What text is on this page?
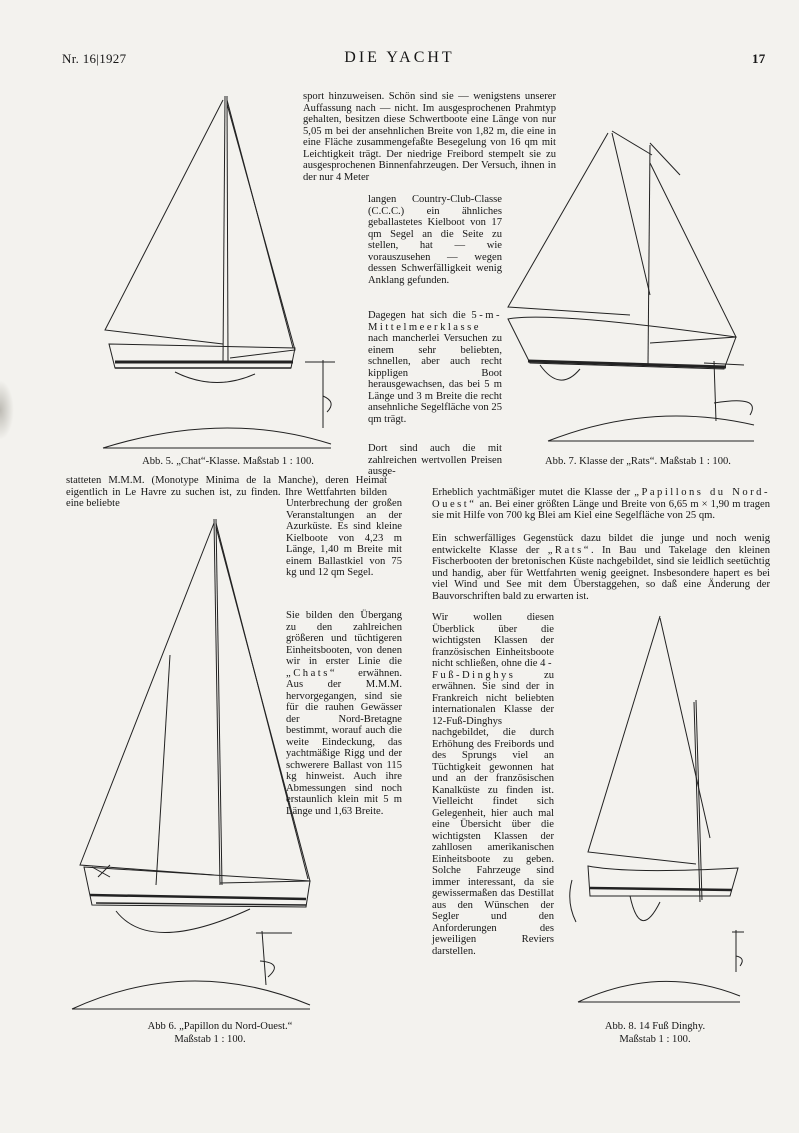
Nr. 16|1927	DIE YACHT	17
Abb. 5. „Chat“-Klasse. Maßstab 1 : 100.	Abb. 7. Klasse der „Rats“. Maßstab 1 : 100.
Abb 6. „Papillon du Nord-Ouest.“
Maßstab 1 : 100.
Abb. 8. 14 Fuß Dinghy.
Maßstab 1 : 100.

sport hinzuweisen. Schön sind sie — wenigstens unserer Auffassung nach — nicht. Im ausgesprochenen Prahmtyp gehalten, besitzen diese Schwertboote eine Länge von nur 5,05 m bei der ansehnlichen Breite von 1,82 m, die eine in eine Fläche zusammengefaßte Besegelung von 16 qm mit Leichtigkeit trägt. Der niedrige Freibord stempelt sie zu ausgesprochenen Binnenfahrzeugen. Der Versuch, ihnen in der nur 4 Meter

langen Country-Club-Classe (C.C.C.) ein ähnliches geballastetes Kielboot von 17 qm Segel an die Seite zu stellen, hat — wie vorauszusehen — wegen dessen Schwerfälligkeit wenig Anklang gefunden.

Dagegen hat sich die 5-m-Mittelmeerklasse nach mancherlei Versuchen zu einem sehr beliebten, schnellen, aber auch recht kippligen Boot herausgewachsen, das bei 5 m Länge und 3 m Breite die recht ansehnliche Segelfläche von 25 qm trägt.

Dort sind auch die mit zahlreichen wertvollen Preisen ausge-

statteten M.M.M. (Monotype Minima de la Manche), deren Heimat eigentlich in Le Havre zu suchen ist, zu finden. Ihre Wettfahrten bilden eine beliebte	Unterbrechung der großen Veranstaltungen an der Azurküste. Es sind kleine Kielboote von 4,23 m Länge, 1,40 m Breite mit einem Ballastkiel von 75 kg und 12 qm Segel.

Sie bilden den Übergang zu den zahlreichen größeren und tüchtigeren Einheitsbooten, von denen wir in erster Linie die „Chats“ erwähnen. Aus der M.M.M. hervorgegangen, sind sie für die rauhen Gewässer der Nord-Bretagne bestimmt, worauf auch die weite Eindeckung, das yachtmäßige Rigg und der schwerere Ballast von 115 kg hinweist. Auch ihre Abmessungen sind noch erstaunlich klein mit 5 m Länge und 1,63 Breite.

Erheblich yachtmäßiger mutet die Klasse der „Papillons du Nord-Ouest“ an. Bei einer größten Länge und Breite von 6,65 m × 1,90 m tragen sie mit Hilfe von 700 kg Blei am Kiel eine Segelfläche von 25 qm.

Ein schwerfälliges Gegenstück dazu bildet die junge und noch wenig entwickelte Klasse der „Rats“. In Bau und Takelage den kleinen Fischerbooten der bretonischen Küste nachgebildet, sind sie leidlich seetüchtig und handig, aber für Wettfahrten wenig geeignet. Insbesondere hapert es bei viel Wind und See mit dem Überstaggehen, so daß eine Änderung der Bauvorschriften bald zu erwarten ist.

Wir wollen diesen Überblick über die wichtigsten Klassen der französischen Einheitsboote nicht schließen, ohne die 4-Fuß-Dinghys zu erwähnen. Sie sind der in Frankreich nicht beliebten internationalen Klasse der 12-Fuß-Dinghys nachgebildet, die durch Erhöhung des Freibords und des Sprungs viel an Tüchtigkeit gewonnen hat und an der französischen Kanalküste zu finden ist. Vielleicht findet sich Gelegenheit, hier auch mal eine Übersicht über die wichtigsten Klassen der zahllosen amerikanischen Einheitsboote zu geben. Solche Fahrzeuge sind immer interessant, da sie gewissermaßen das Destillat aus den Wünschen der Segler und den Anforderungen des jeweiligen Reviers darstellen.
